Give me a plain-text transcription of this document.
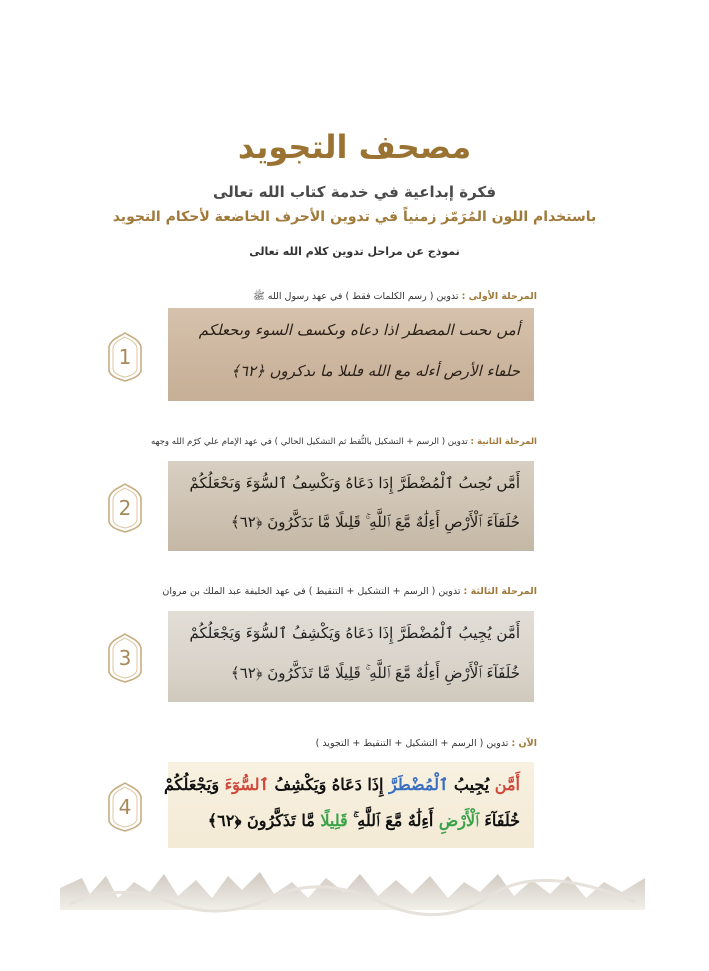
مصحف التجويد
فكرة إبداعية في خدمة كتاب الله تعالى
باستخدام اللون المُرَمّز زمنياً في تدوين الأحرف الخاضعة لأحكام التجويد
نموذج عن مراحل تدوين كلام الله تعالى
المرحلة الأولى : تدوين ( رسم الكلمات فقط ) في عهد رسول الله ﷺ
1
أمں ىحىٮ المصطر اذا دعاه وىكسڡ السوء وىحعلكم
حلڡاء الأرص أءله مع الله ڡلىلا ما ىدكروں ﴿٦٢﴾
المرحلة الثانية : تدوين ( الرسم + التشكيل بالنُّقط ثم التشكيل الحالي ) في عهد الإمام علي كرّم الله وجهه
2
أَمَّں ىُحِىٮُ ٱلْمُضْطَرَّ إِدَا دَعَاهُ وَىَكْسِڡُ ٱلسُّوٓءَ وَىَحْعَلُكُمْ
حُلَڡَآءَ ٱلْأَرْصِ أَءِلَٰهٌ مَّعَ ٱللَّهِ ۚ قَلِىلًا مَّا ىَدَكَّرُونَ ﴿٦٢﴾
المرحلة الثالثة : تدوين ( الرسم + التشكيل + التنقيط ) في عهد الخليفة عبد الملك بن مروان
3
أَمَّن يُجِيبُ ٱلْمُضْطَرَّ إِذَا دَعَاهُ وَيَكْشِفُ ٱلسُّوٓءَ وَيَجْعَلُكُمْ
خُلَفَآءَ ٱلْأَرْضِ أَءِلَٰهٌ مَّعَ ٱللَّهِ ۚ قَلِيلًا مَّا تَذَكَّرُونَ ﴿٦٢﴾
الآن : تدوين ( الرسم + التشكيل + التنقيط + التجويد )
4
أَمَّن يُجِيبُ ٱلْمُضْطَرَّ إِذَا دَعَاهُ وَيَكْشِفُ ٱلسُّوٓءَ وَيَجْعَلُكُمْ
خُلَفَآءَ ٱلْأَرْضِ أَءِلَٰهٌ مَّعَ ٱللَّهِ ۚ قَلِيلًا مَّا تَذَكَّرُونَ ﴿٦٢﴾
